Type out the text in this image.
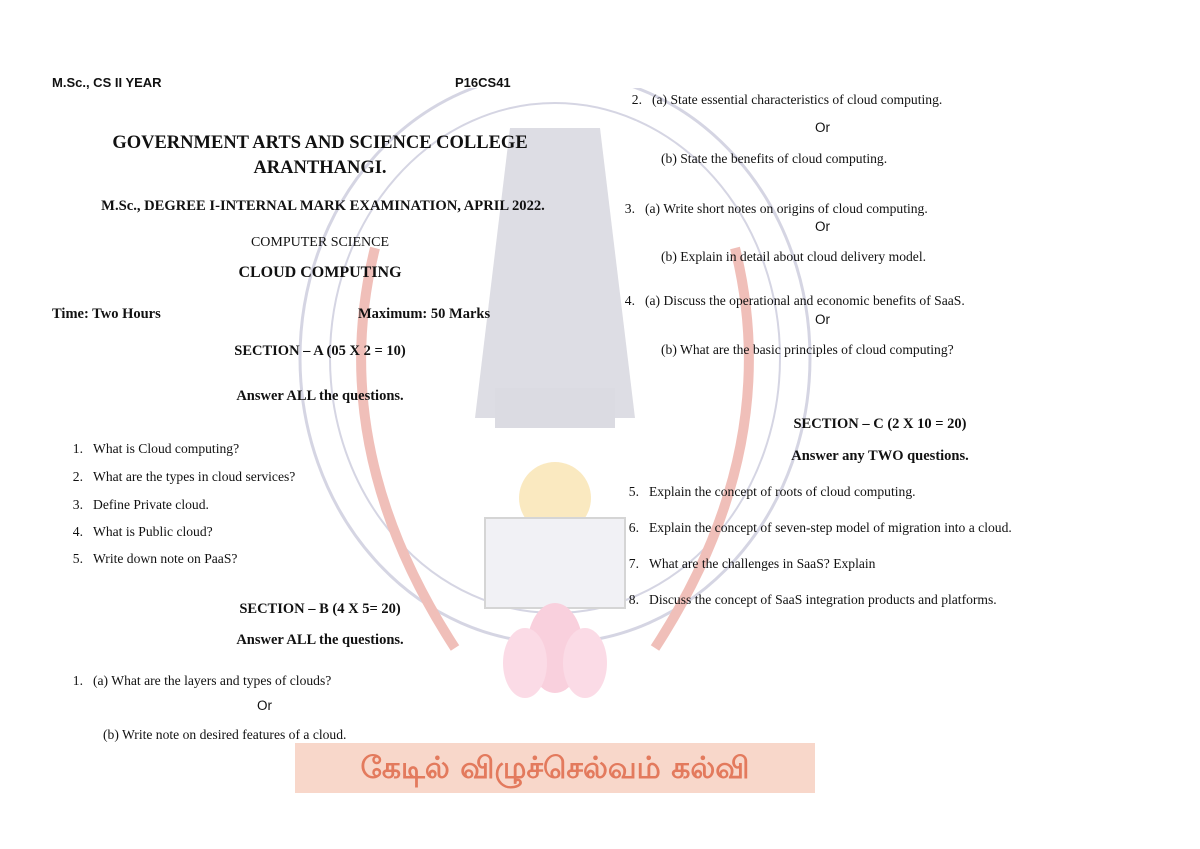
கேடில் விழுச்செல்வம் கல்வி
M.Sc., CS II YEAR	P16CS41
GOVERNMENT ARTS AND SCIENCE COLLEGE
ARANTHANGI.
M.Sc., DEGREE I-INTERNAL MARK EXAMINATION, APRIL 2022.
COMPUTER SCIENCE
CLOUD COMPUTING
Time: Two Hours	Maximum: 50 Marks
SECTION – A (05 X 2 = 10)
Answer ALL the questions.
1. What is Cloud computing?
2. What are the types in cloud services?
3. Define Private cloud.
4. What is Public cloud?
5. Write down note on PaaS?
SECTION – B (4 X 5= 20)
Answer ALL the questions.
1. (a) What are the layers and types of clouds?
Or
(b) Write note on desired features of a cloud.
2. (a) State essential characteristics of cloud computing.
Or
(b) State the benefits of cloud computing.
3. (a) Write short notes on origins of cloud computing.
Or
(b) Explain in detail about cloud delivery model.
4. (a) Discuss the operational and economic benefits of SaaS.
Or
(b) What are the basic principles of cloud computing?
SECTION – C (2 X 10 = 20)
Answer any TWO questions.
5. Explain the concept of roots of cloud computing.
6. Explain the concept of seven-step model of migration into a cloud.
7. What are the challenges in SaaS? Explain
8. Discuss the concept of SaaS integration products and platforms.
